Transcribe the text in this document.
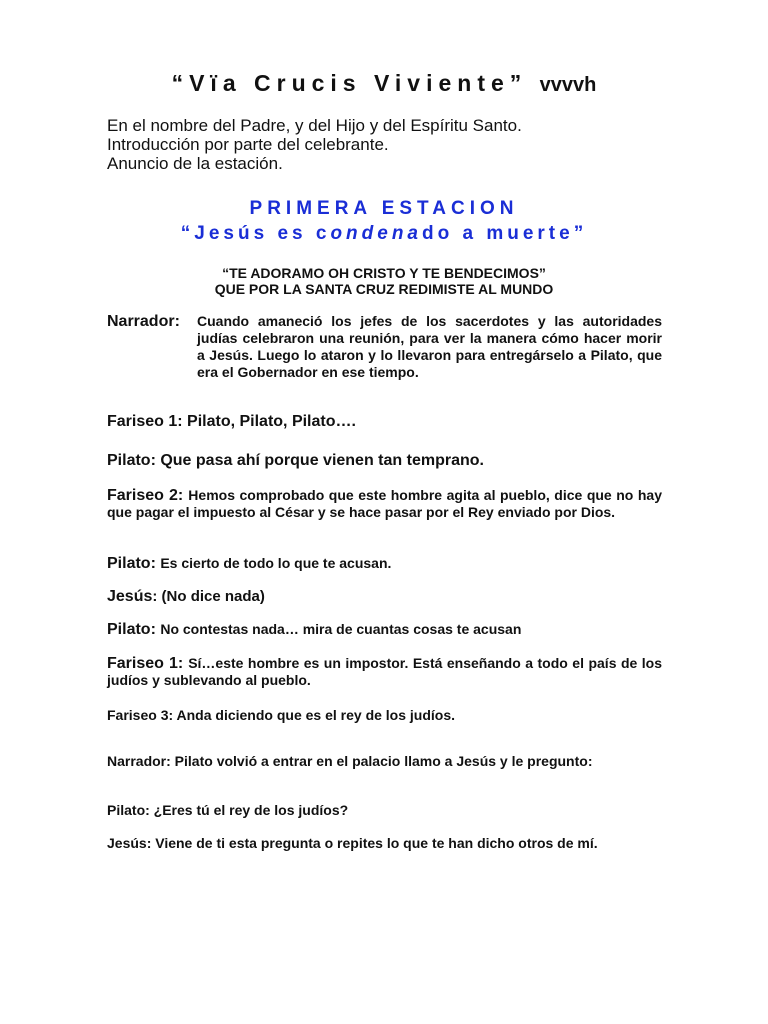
“Vïa Crucis Viviente” vvvvh
En el nombre del Padre, y del Hijo y del Espíritu Santo.
Introducción por parte del celebrante.
Anuncio de la estación.
PRIMERA ESTACION
“Jesús es condenado a muerte”
“TE ADORAMO OH CRISTO Y TE BENDECIMOS”
QUE POR LA SANTA CRUZ REDIMISTE AL MUNDO
Narrador:	Cuando amaneció los jefes de los sacerdotes y las autoridades judías celebraron una reunión, para ver la manera cómo hacer morir a Jesús. Luego lo ataron y lo llevaron para entregárselo a Pilato, que era el Gobernador en ese tiempo.
Fariseo 1: Pilato, Pilato, Pilato….
Pilato: Que pasa ahí porque vienen tan temprano.
Fariseo 2: Hemos comprobado que este hombre agita al pueblo, dice que no hay que pagar el impuesto al César y se hace pasar por el Rey enviado por Dios.
Pilato: Es cierto de todo lo que te acusan.
Jesús: (No dice nada)
Pilato: No contestas nada… mira de cuantas cosas te acusan
Fariseo 1: Sí…este hombre es un impostor. Está enseñando a todo el país de los judíos y sublevando al pueblo.
Fariseo 3: Anda diciendo que es el rey de los judíos.
Narrador: Pilato volvió a entrar en el palacio llamo a Jesús y le pregunto:
Pilato: ¿Eres tú el rey de los judíos?
Jesús: Viene de ti esta pregunta o repites lo que te han dicho otros de mí.
